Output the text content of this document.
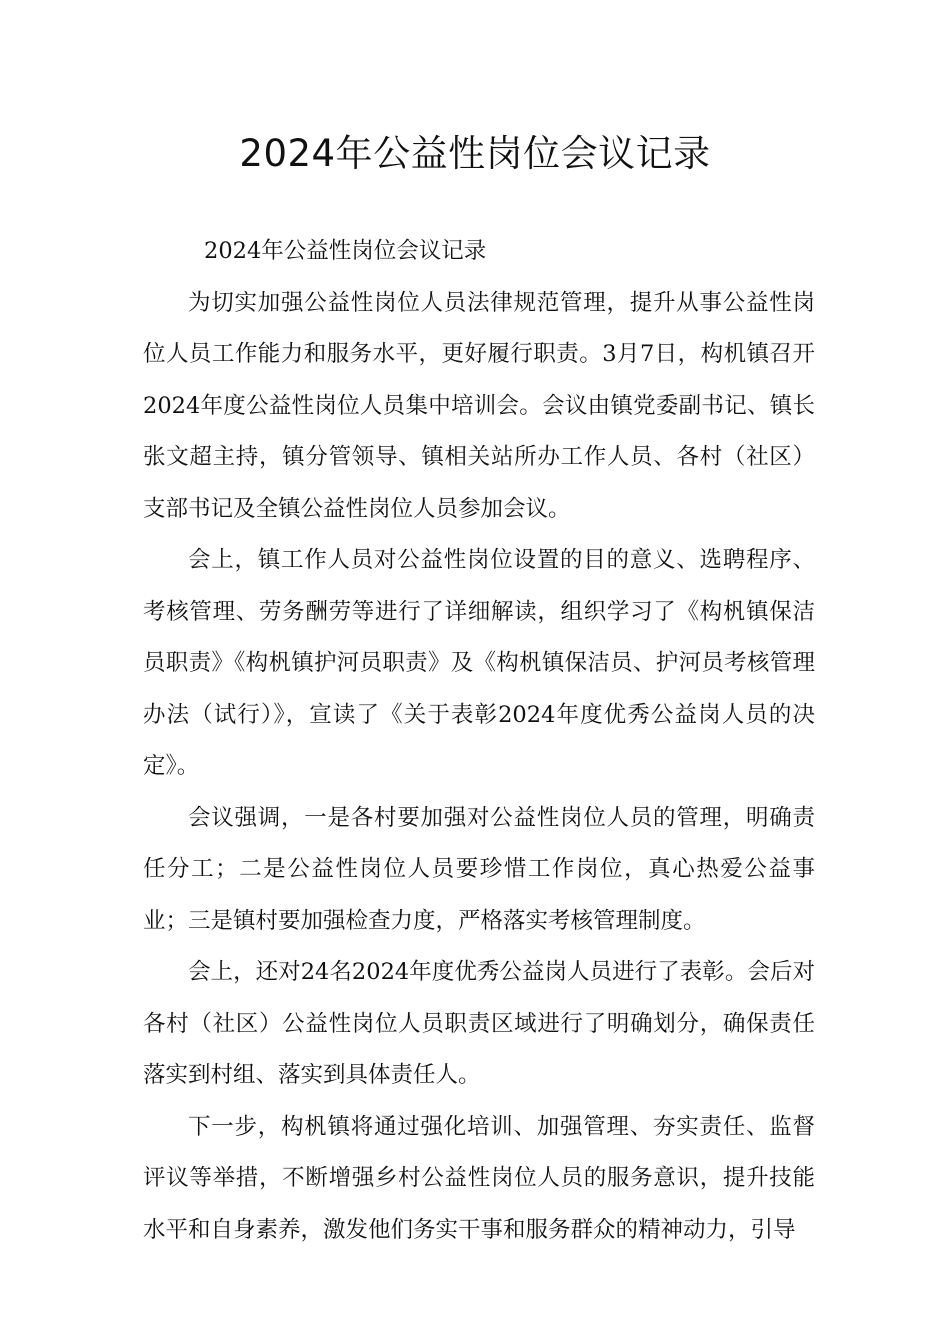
2024年公益性岗位会议记录

2024年公益性岗位会议记录

为切实加强公益性岗位人员法律规范管理，提升从事公益性岗位人员工作能力和服务水平，更好履行职责。3月7日，构机镇召开2024年度公益性岗位人员集中培训会。会议由镇党委副书记、镇长张文超主持，镇分管领导、镇相关站所办工作人员、各村（社区）支部书记及全镇公益性岗位人员参加会议。

会上，镇工作人员对公益性岗位设置的目的意义、选聘程序、考核管理、劳务酬劳等进行了详细解读，组织学习了《构杋镇保洁员职责》《构杋镇护河员职责》及《构杋镇保洁员、护河员考核管理办法（试行）》，宣读了《关于表彰2024年度优秀公益岗人员的决定》。

会议强调，一是各村要加强对公益性岗位人员的管理，明确责任分工；二是公益性岗位人员要珍惜工作岗位，真心热爱公益事业；三是镇村要加强检查力度，严格落实考核管理制度。

会上，还对24名2024年度优秀公益岗人员进行了表彰。会后对各村（社区）公益性岗位人员职责区域进行了明确划分，确保责任落实到村组、落实到具体责任人。

下一步，构杋镇将通过强化培训、加强管理、夯实责任、监督评议等举措，不断增强乡村公益性岗位人员的服务意识，提升技能水平和自身素养，激发他们务实干事和服务群众的精神动力，引导
